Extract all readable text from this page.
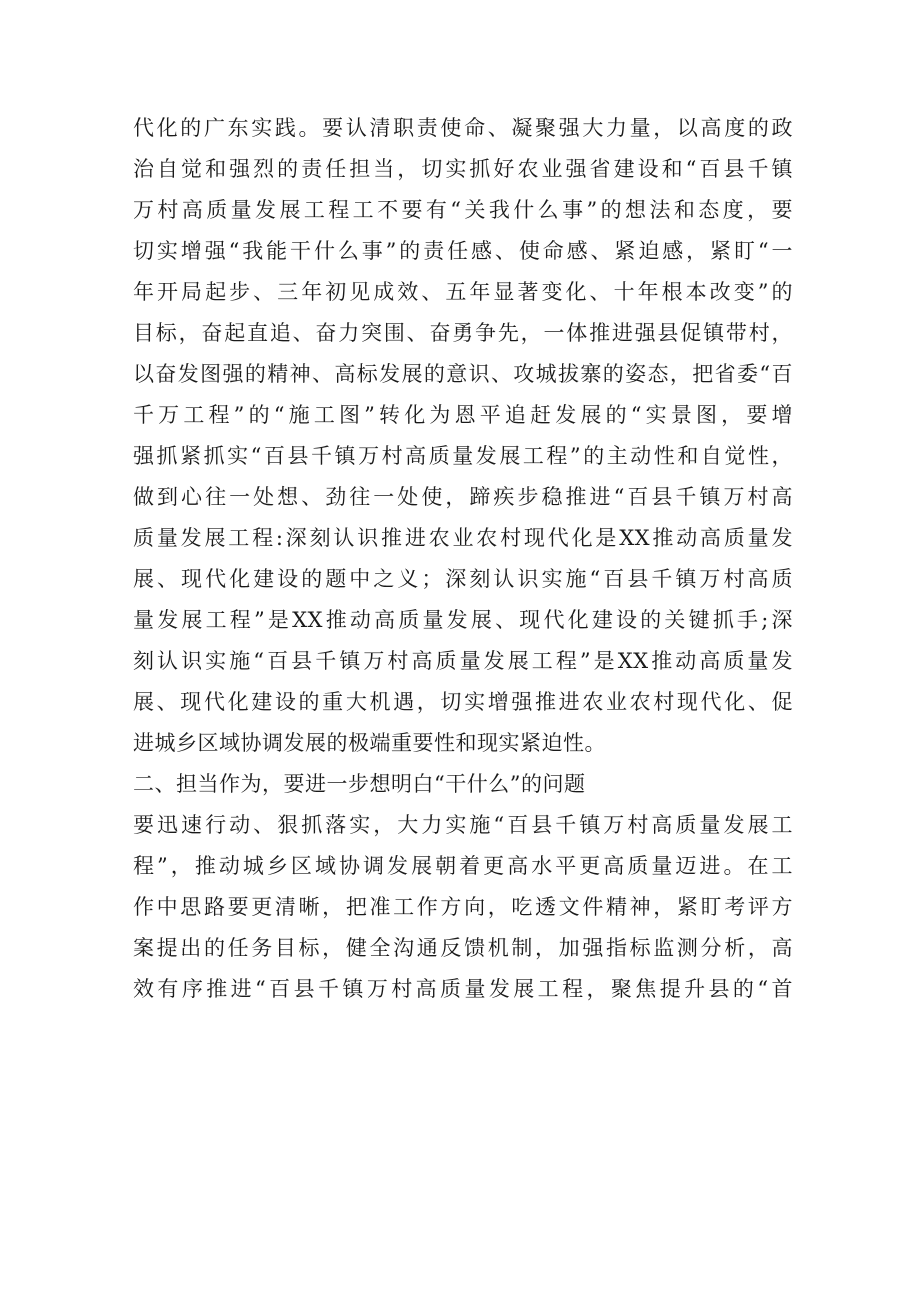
代化的广东实践。要认清职责使命、凝聚强大力量，以高度的政
治自觉和强烈的责任担当，切实抓好农业强省建设和“百县千镇
万村高质量发展工程工不要有“关我什么事”的想法和态度，要
切实增强“我能干什么事”的责任感、使命感、紧迫感，紧盯“一
年开局起步、三年初见成效、五年显著变化、十年根本改变”的
目标，奋起直追、奋力突围、奋勇争先，一体推进强县促镇带村，
以奋发图强的精神、高标发展的意识、攻城拔寨的姿态，把省委“百
千万工程”的“施工图”转化为恩平追赶发展的“实景图，要增
强抓紧抓实“百县千镇万村高质量发展工程”的主动性和自觉性，
做到心往一处想、劲往一处使，蹄疾步稳推进“百县千镇万村高
质量发展工程:深刻认识推进农业农村现代化是XX推动高质量发
展、现代化建设的题中之义；深刻认识实施“百县千镇万村高质
量发展工程”是XX推动高质量发展、现代化建设的关键抓手;深
刻认识实施“百县千镇万村高质量发展工程”是XX推动高质量发
展、现代化建设的重大机遇，切实增强推进农业农村现代化、促
进城乡区域协调发展的极端重要性和现实紧迫性。
二、担当作为，要进一步想明白“干什么”的问题
要迅速行动、狠抓落实，大力实施“百县千镇万村高质量发展工
程”，推动城乡区域协调发展朝着更高水平更高质量迈进。在工
作中思路要更清晰，把准工作方向，吃透文件精神，紧盯考评方
案提出的任务目标，健全沟通反馈机制，加强指标监测分析，高
效有序推进“百县千镇万村高质量发展工程，聚焦提升县的“首
